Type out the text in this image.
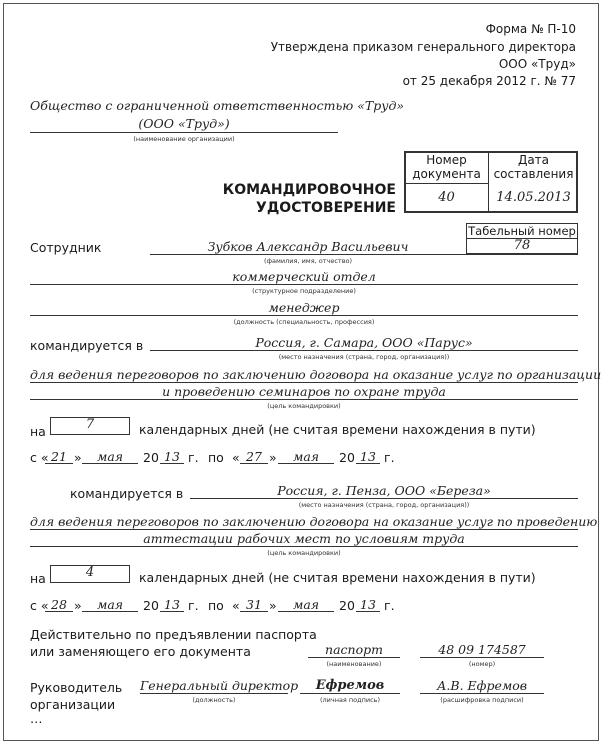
Форма № П-10
Утверждена приказом генерального директора
ООО «Труд»
от 25 декабря 2012 г. № 77
Общество с ограниченной ответственностью «Труд»
(ООО «Труд»)
(наименование организации)
КОМАНДИРОВОЧНОЕ
УДОСТОВЕРЕНИЕ
Номер документа
Дата составления
40	14.05.2013
Табельный номер
78
Сотрудник	Зубков Александр Васильевич
(фамилия, имя, отчество)
коммерческий отдел
(структурное подразделение)
менеджер
(должность (специальность, профессия)
командируется в	Россия, г. Самара, ООО «Парус»
(место назначения (страна, город, организация))
для ведения переговоров по заключению договора на оказание услуг по организации
и проведению семинаров по охране труда
(цель командировки)
на	7	календарных дней (не считая времени нахождения в пути)
с « 21 »	мая	20 13 г. по « 27 »	мая	20 13 г.
командируется в	Россия, г. Пенза, ООО «Береза»
(место назначения (страна, город, организация))
для ведения переговоров по заключению договора на оказание услуг по проведению
аттестации рабочих мест по условиям труда
(цель командировки)
на	4	календарных дней (не считая времени нахождения в пути)
с « 28 »	мая	20 13 г. по « 31 »	мая	20 13 г.
Действительно по предъявлении паспорта
или заменяющего его документа	паспорт
(наименование)
48 09 174587
(номер)
Руководитель
организации
…
Генеральный директор
(должность)
Ефремов
(личная подпись)
А.В. Ефремов
(расшифровка подписи)
